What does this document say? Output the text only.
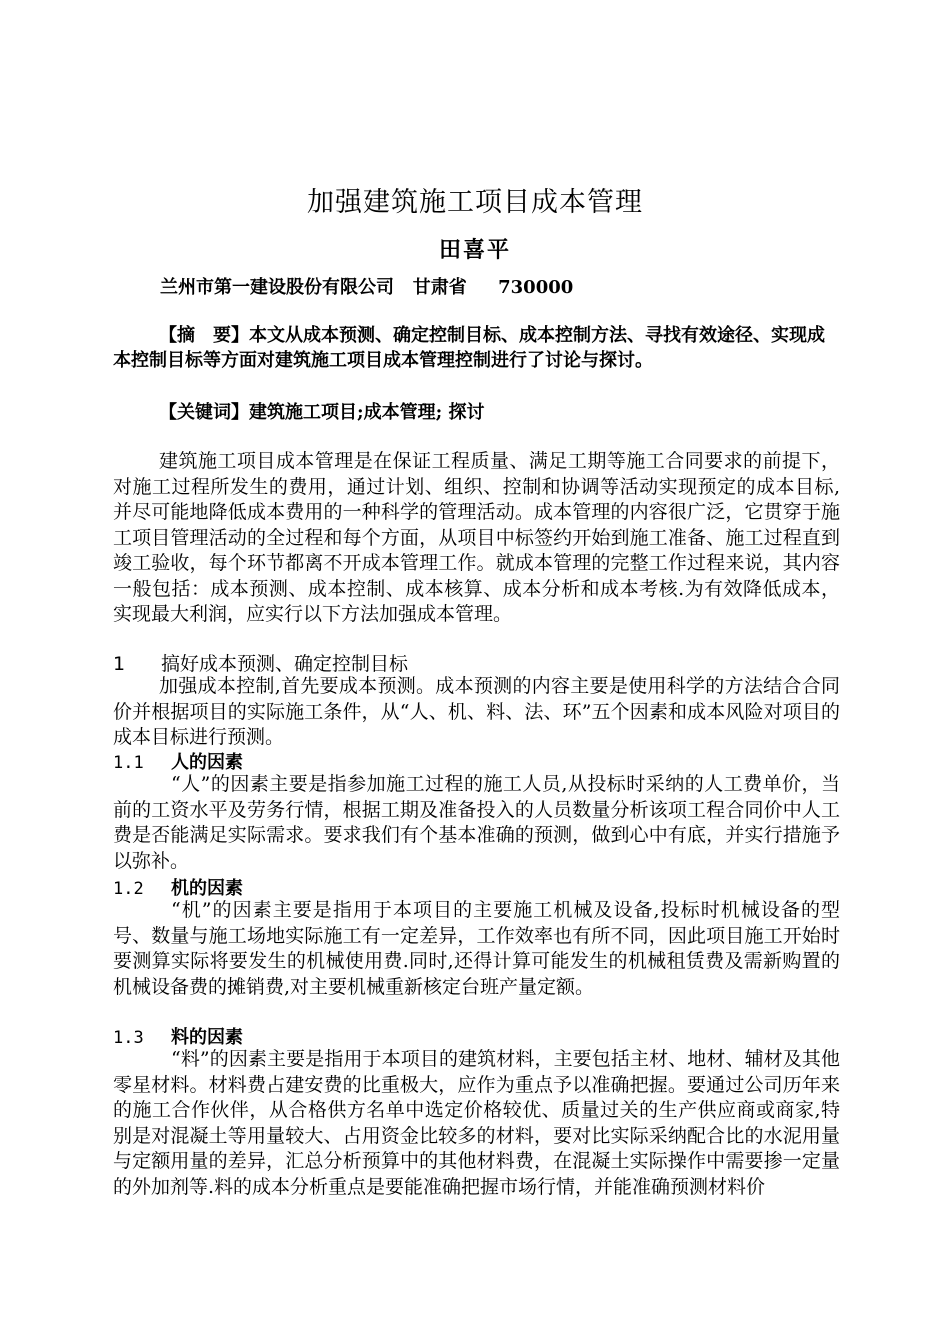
加强建筑施工项目成本管理
田喜平
兰州市第一建设股份有限公司   甘肃省     730000

【摘　要】本文从成本预测、确定控制目标、成本控制方法、寻找有效途径、实现成本控制目标等方面对建筑施工项目成本管理控制进行了讨论与探讨。

【关键词】建筑施工项目;成本管理; 探讨

建筑施工项目成本管理是在保证工程质量、满足工期等施工合同要求的前提下，对施工过程所发生的费用，通过计划、组织、控制和协调等活动实现预定的成本目标,并尽可能地降低成本费用的一种科学的管理活动。成本管理的内容很广泛，它贯穿于施工项目管理活动的全过程和每个方面，从项目中标签约开始到施工准备、施工过程直到竣工验收，每个环节都离不开成本管理工作。就成本管理的完整工作过程来说，其内容一般包括：成本预测、成本控制、成本核算、成本分析和成本考核.为有效降低成本，实现最大利润，应实行以下方法加强成本管理。

1 搞好成本预测、确定控制目标

加强成本控制,首先要成本预测。成本预测的内容主要是使用科学的方法结合合同价并根据项目的实际施工条件，从“人、机、料、法、环”五个因素和成本风险对项目的成本目标进行预测。

1.1 人的因素

“人”的因素主要是指参加施工过程的施工人员,从投标时采纳的人工费单价，当前的工资水平及劳务行情，根据工期及准备投入的人员数量分析该项工程合同价中人工费是否能满足实际需求。要求我们有个基本准确的预测，做到心中有底，并实行措施予以弥补。

1.2 机的因素

“机”的因素主要是指用于本项目的主要施工机械及设备,投标时机械设备的型号、数量与施工场地实际施工有一定差异，工作效率也有所不同，因此项目施工开始时要测算实际将要发生的机械使用费.同时,还得计算可能发生的机械租赁费及需新购置的机械设备费的摊销费,对主要机械重新核定台班产量定额。

1.3 料的因素

“料”的因素主要是指用于本项目的建筑材料，主要包括主材、地材、辅材及其他零星材料。材料费占建安费的比重极大，应作为重点予以准确把握。要通过公司历年来的施工合作伙伴，从合格供方名单中选定价格较优、质量过关的生产供应商或商家,特别是对混凝土等用量较大、占用资金比较多的材料，要对比实际采纳配合比的水泥用量与定额用量的差异，汇总分析预算中的其他材料费，在混凝土实际操作中需要掺一定量的外加剂等.料的成本分析重点是要能准确把握市场行情，并能准确预测材料价
